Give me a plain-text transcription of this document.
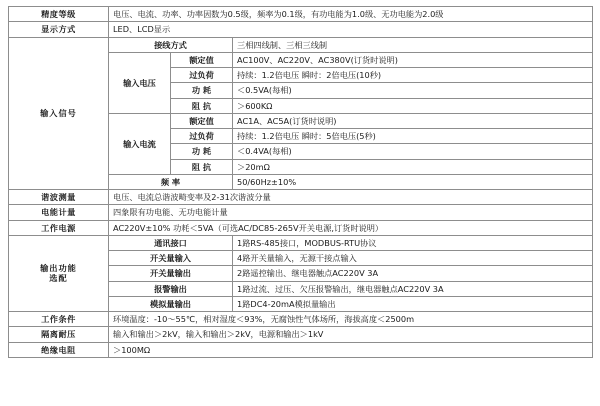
精度等级	电压、电流、功率、功率因数为0.5级，频率为0.1级，有功电能为1.0级、无功电能为2.0级		
显示方式	LED、LCD显示		
输入信号	接线方式		三相四线制、三相三线制
	输入电压	额定值	AC100V、AC220V、AC380V(订货时说明)
		过负荷	持续：1.2倍电压 瞬时：2倍电压(10秒)
		功 耗	＜0.5VA(每相)
		阻 抗	＞600KΩ
	输入电流	额定值	AC1A、AC5A(订货时说明)
		过负荷	持续：1.2倍电压 瞬时：5倍电压(5秒)
		功 耗	＜0.4VA(每相)
		阻 抗	＞20mΩ
	频 率		50/60Hz±10%
谐波测量	电压、电流总谐波畸变率及2-31次谐波分量		
电能计量	四象限有功电能、无功电能计量		
工作电源	AC220V±10% 功耗＜5VA（可选AC/DC85-265V开关电源,订货时说明）		

输出功能
选配	通讯接口		1路RS-485接口，MODBUS-RTU协议
	开关量输入		4路开关量输入，无源干接点输入
	开关量输出		2路遥控输出、继电器触点AC220V 3A
	报警输出		1路过流、过压、欠压报警输出，继电器触点AC220V 3A
	模拟量输出		1路DC4-20mA模拟量输出
工作条件	环境温度：-10～55℃，相对湿度＜93%，无腐蚀性气体场所，海拔高度＜2500m		
隔离耐压	输入和输出＞2kV，输入和输出＞2kV，电源和输出＞1kV		
绝缘电阻	＞100MΩ		
